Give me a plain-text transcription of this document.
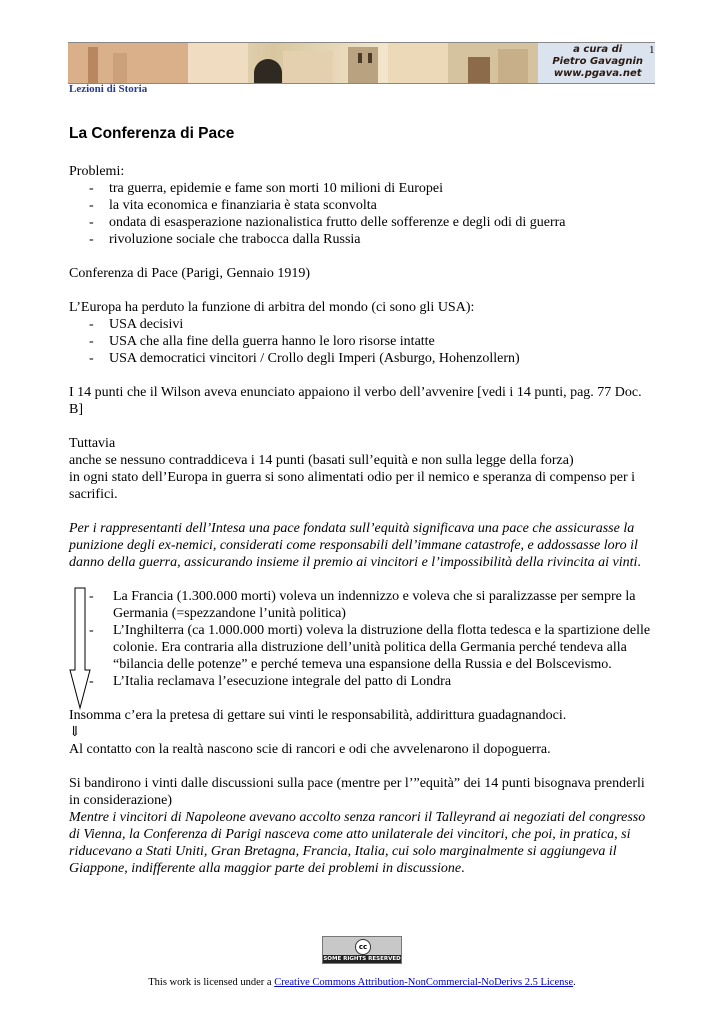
a cura di
Pietro Gavagnin
www.pgava.net
1
Lezioni di Storia
La Conferenza di Pace

Problemi:

- tra guerra, epidemie e fame son morti 10 milioni di Europei
- la vita economica e finanziaria è stata sconvolta
- ondata di esasperazione nazionalistica frutto delle sofferenze e degli odi di guerra
- rivoluzione sociale che trabocca dalla Russia

Conferenza di Pace (Parigi, Gennaio 1919)

L’Europa ha perduto la funzione di arbitra del mondo (ci sono gli USA):

- USA decisivi
- USA che alla fine della guerra hanno le loro risorse intatte
- USA democratici vincitori / Crollo degli Imperi (Asburgo, Hohenzollern)

I 14 punti che il Wilson aveva enunciato appaiono il verbo dell’avvenire [vedi i 14 punti, pag. 77 Doc. B]

Tuttavia

anche se nessuno contraddiceva i 14 punti (basati sull’equità e non sulla legge della forza)

in ogni stato dell’Europa in guerra si sono alimentati odio per il nemico e speranza di compenso per i sacrifici.

Per i rappresentanti dell’Intesa una pace fondata sull’equità significava una pace che assicurasse la punizione degli ex-nemici, considerati come responsabili dell’immane catastrofe, e addossasse loro il danno della guerra, assicurando insieme il premio ai vincitori e l’impossibilità della rivincita ai vinti.

- La Francia (1.300.000 morti) voleva un indennizzo e voleva che si paralizzasse per sempre la Germania (=spezzandone l’unità politica)
- L’Inghilterra (ca 1.000.000 morti) voleva la distruzione della flotta tedesca e la spartizione delle colonie. Era contraria alla distruzione dell’unità politica della Germania perché tendeva alla “bilancia delle potenze” e perché temeva una espansione della Russia e del Bolscevismo.
- L’Italia reclamava l’esecuzione integrale del patto di Londra

Insomma c’era la pretesa di gettare sui vinti le responsabilità, addirittura guadagnandoci.

⇓

Al contatto con la realtà nascono scie di rancori e odi che avvelenarono il dopoguerra.

Si bandirono i vinti dalle discussioni sulla pace (mentre per l’”equità” dei 14 punti bisognava prenderli in considerazione)

Mentre i vincitori di Napoleone avevano accolto senza rancori il Talleyrand ai negoziati del congresso di Vienna, la Conferenza di Parigi nasceva come atto unilaterale dei vincitori, che poi, in pratica, si riducevano a Stati Uniti, Gran Bretagna, Francia, Italia, cui solo marginalmente si aggiungeva il Giappone, indifferente alla maggior parte dei problemi in discussione.

cc
SOME RIGHTS RESERVED
This work is licensed under a Creative Commons Attribution-NonCommercial-NoDerivs 2.5 License.
